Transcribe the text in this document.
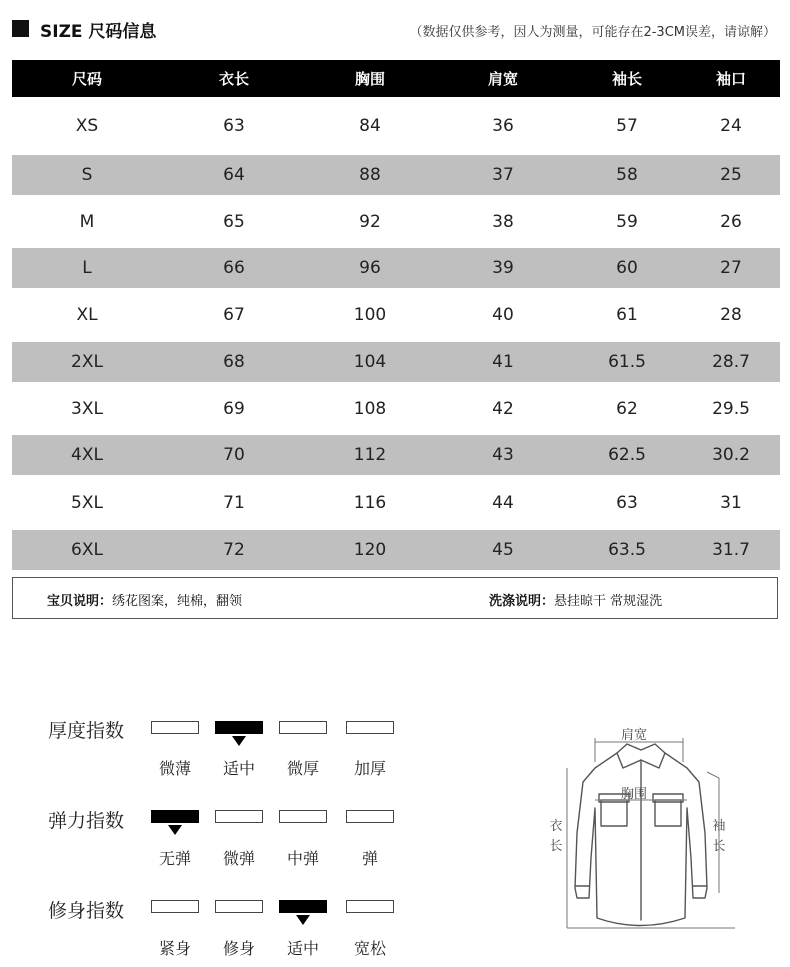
SIZE 尺码信息	（数据仅供参考，因人为测量，可能存在2-3CM误差，请谅解）
尺码	衣长	胸围	肩宽	袖长	袖口
XS	63	84	36	57	24
S	64	88	37	58	25
M	65	92	38	59	26
L	66	96	39	60	27
XL	67	100	40	61	28
2XL	68	104	41	61.5	28.7
3XL	69	108	42	62	29.5
4XL	70	112	43	62.5	30.2
5XL	71	116	44	63	31
6XL	72	120	45	63.5	31.7
宝贝说明：绣花图案，纯棉，翻领	洗涤说明：悬挂晾干 常规湿洗
厚度指数
微薄	适中	微厚	加厚
弹力指数
无弹	微弹	中弹	弹
修身指数
紧身	修身	适中	宽松
肩宽
胸围
衣长
袖长
